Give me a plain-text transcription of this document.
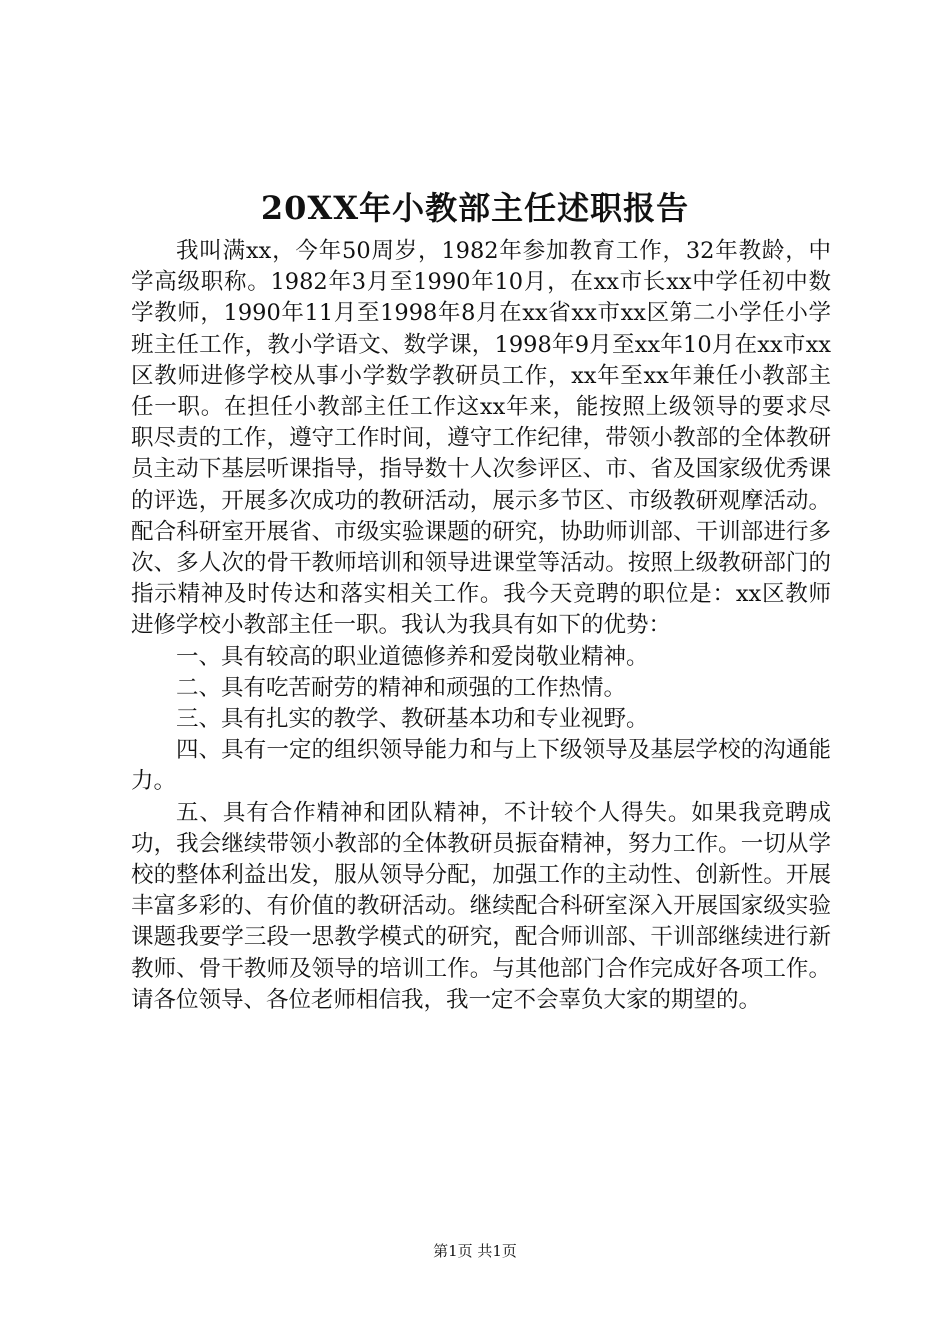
20XX年小教部主任述职报告

我叫满xx，今年50周岁，1982年参加教育工作，32年教龄，中学高级职称。1982年3月至1990年10月，在xx市长xx中学任初中数学教师，1990年11月至1998年8月在xx省xx市xx区第二小学任小学班主任工作，教小学语文、数学课，1998年9月至xx年10月在xx市xx区教师进修学校从事小学数学教研员工作，xx年至xx年兼任小教部主任一职。在担任小教部主任工作这xx年来，能按照上级领导的要求尽职尽责的工作，遵守工作时间，遵守工作纪律，带领小教部的全体教研员主动下基层听课指导，指导数十人次参评区、市、省及国家级优秀课的评选，开展多次成功的教研活动，展示多节区、市级教研观摩活动。配合科研室开展省、市级实验课题的研究，协助师训部、干训部进行多次、多人次的骨干教师培训和领导进课堂等活动。按照上级教研部门的指示精神及时传达和落实相关工作。我今天竞聘的职位是：xx区教师进修学校小教部主任一职。我认为我具有如下的优势：

一、具有较高的职业道德修养和爱岗敬业精神。

二、具有吃苦耐劳的精神和顽强的工作热情。

三、具有扎实的教学、教研基本功和专业视野。

四、具有一定的组织领导能力和与上下级领导及基层学校的沟通能力。

五、具有合作精神和团队精神，不计较个人得失。如果我竞聘成功，我会继续带领小教部的全体教研员振奋精神，努力工作。一切从学校的整体利益出发，服从领导分配，加强工作的主动性、创新性。开展丰富多彩的、有价值的教研活动。继续配合科研室深入开展国家级实验课题我要学三段一思教学模式的研究，配合师训部、干训部继续进行新教师、骨干教师及领导的培训工作。与其他部门合作完成好各项工作。请各位领导、各位老师相信我，我一定不会辜负大家的期望的。

第1页 共1页
